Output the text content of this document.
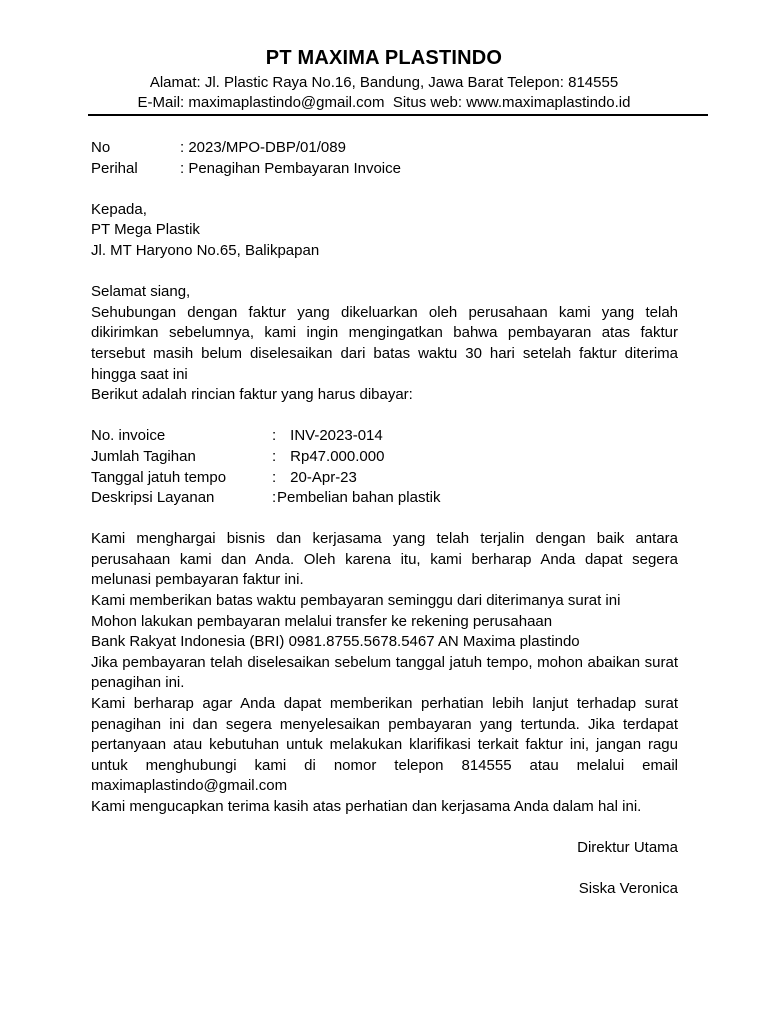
PT MAXIMA PLASTINDO
Alamat: Jl. Plastic Raya No.16, Bandung, Jawa Barat Telepon: 814555
E-Mail: maximaplastindo@gmail.com  Situs web: www.maximaplastindo.id
No	: 2023/MPO-DBP/01/089
Perihal	: Penagihan Pembayaran Invoice
Kepada,
PT Mega Plastik
Jl. MT Haryono No.65, Balikpapan
Selamat siang,
Sehubungan dengan faktur yang dikeluarkan oleh perusahaan kami yang telah dikirimkan sebelumnya, kami ingin mengingatkan bahwa pembayaran atas faktur tersebut masih belum diselesaikan dari batas waktu 30 hari setelah faktur diterima hingga saat ini
Berikut adalah rincian faktur yang harus dibayar:
No. invoice	: INV-2023-014
Jumlah Tagihan	: Rp47.000.000
Tanggal jatuh tempo	: 20-Apr-23
Deskripsi Layanan	: Pembelian bahan plastik
Kami menghargai bisnis dan kerjasama yang telah terjalin dengan baik antara perusahaan kami dan Anda. Oleh karena itu, kami berharap Anda dapat segera melunasi pembayaran faktur ini.
Kami memberikan batas waktu pembayaran seminggu dari diterimanya surat ini
Mohon lakukan pembayaran melalui transfer ke rekening perusahaan
Bank Rakyat Indonesia (BRI) 0981.8755.5678.5467 AN Maxima plastindo
Jika pembayaran telah diselesaikan sebelum tanggal jatuh tempo, mohon abaikan surat penagihan ini.
Kami berharap agar Anda dapat memberikan perhatian lebih lanjut terhadap surat penagihan ini dan segera menyelesaikan pembayaran yang tertunda. Jika terdapat pertanyaan atau kebutuhan untuk melakukan klarifikasi terkait faktur ini, jangan ragu untuk menghubungi kami di nomor telepon 814555 atau melalui email maximaplastindo@gmail.com
Kami mengucapkan terima kasih atas perhatian dan kerjasama Anda dalam hal ini.
Direktur Utama
Siska Veronica
